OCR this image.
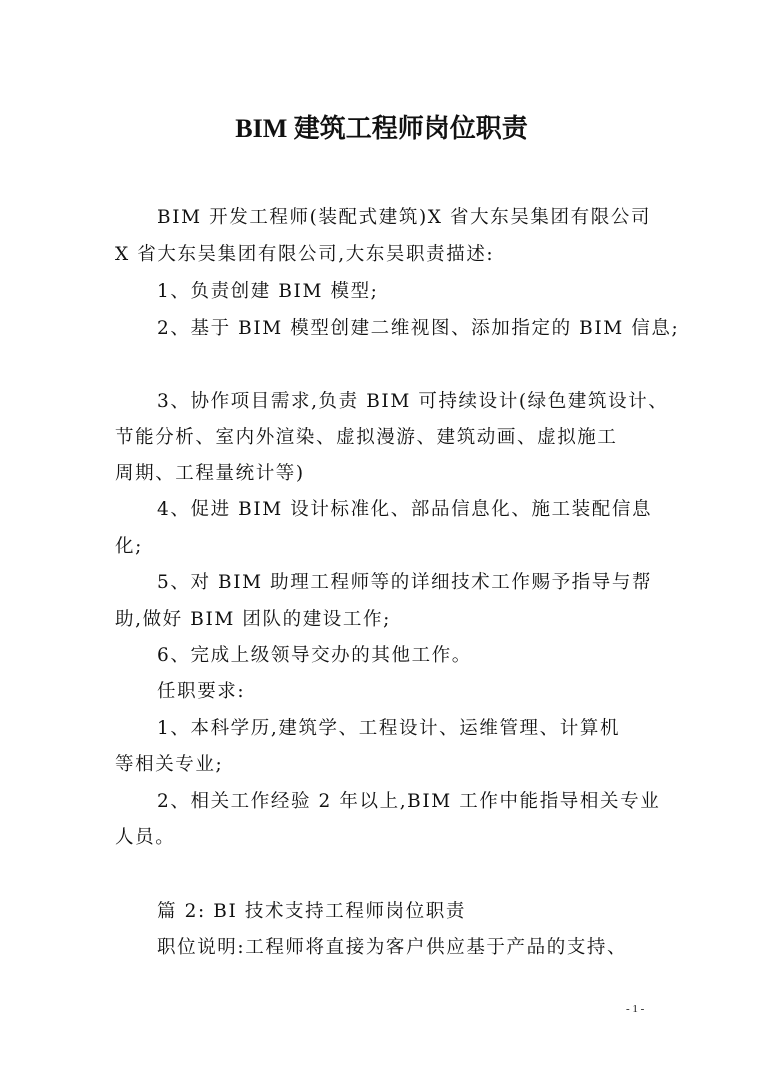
BIM 建筑工程师岗位职责
BIM 开发工程师(装配式建筑)X 省大东吴集团有限公司
X 省大东吴集团有限公司,大东吴职责描述:
1、负责创建 BIM 模型;
2、基于 BIM 模型创建二维视图、添加指定的 BIM 信息;
3、协作项目需求,负责 BIM 可持续设计(绿色建筑设计、
节能分析、室内外渲染、虚拟漫游、建筑动画、虚拟施工
周期、工程量统计等)
4、促进 BIM 设计标准化、部品信息化、施工装配信息
化;
5、对 BIM 助理工程师等的详细技术工作赐予指导与帮
助,做好 BIM 团队的建设工作;
6、完成上级领导交办的其他工作。
任职要求:
1、本科学历,建筑学、工程设计、运维管理、计算机
等相关专业;
2、相关工作经验 2 年以上,BIM 工作中能指导相关专业
人员。
篇 2: BI 技术支持工程师岗位职责
职位说明:工程师将直接为客户供应基于产品的支持、
- 1 -
